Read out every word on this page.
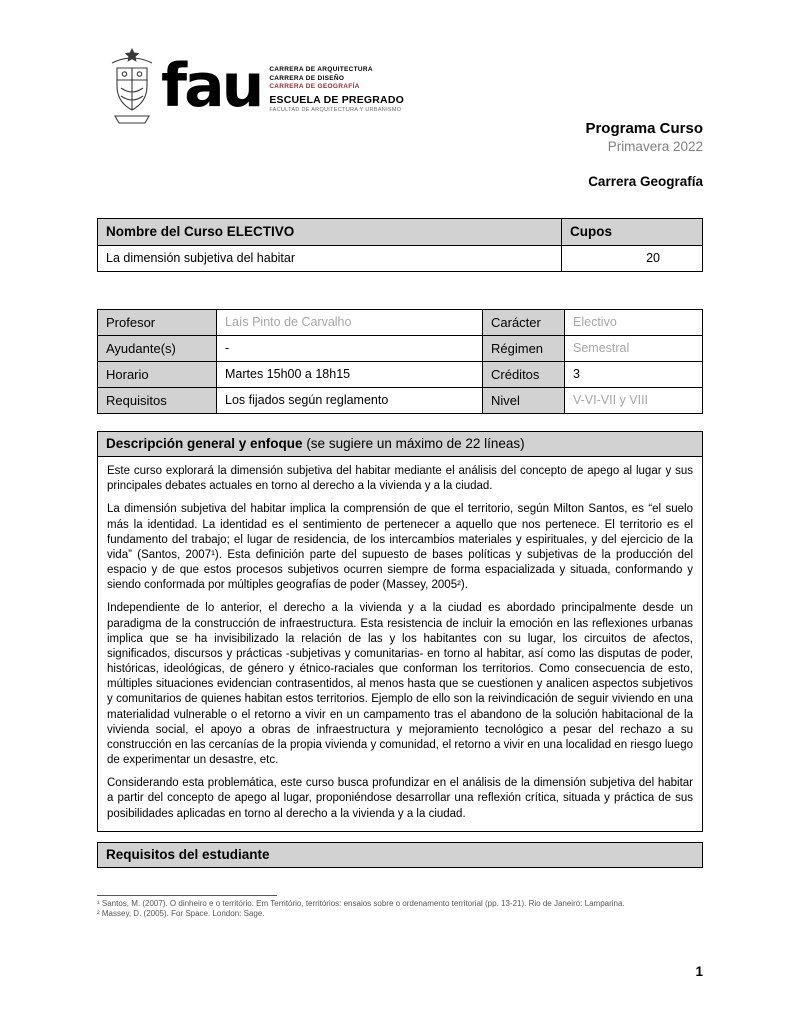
fau CARRERA DE ARQUITECTURA
CARRERA DE DISEÑO
CARRERA DE GEOGRAFÍA
ESCUELA DE PREGRADO
FACULTAD DE ARQUITECTURA Y URBANISMO
Programa Curso
Primavera 2022
Carrera Geografía
Nombre del Curso ELECTIVO	Cupos
La dimensión subjetiva del habitar	20
Profesor	Laís Pinto de Carvalho	Carácter	Electivo
Ayudante(s)	-	Régimen	Semestral
Horario	Martes 15h00 a 18h15	Créditos	3
Requisitos	Los fijados según reglamento	Nivel	V-VI-VII y VIII
Descripción general y enfoque (se sugiere un máximo de 22 líneas)

Este curso explorará la dimensión subjetiva del habitar mediante el análisis del concepto de apego al lugar y sus principales debates actuales en torno al derecho a la vivienda y a la ciudad.

La dimensión subjetiva del habitar implica la comprensión de que el territorio, según Milton Santos, es “el suelo más la identidad. La identidad es el sentimiento de pertenecer a aquello que nos pertenece. El territorio es el fundamento del trabajo; el lugar de residencia, de los intercambios materiales y espirituales, y del ejercicio de la vida” (Santos, 2007¹). Esta definición parte del supuesto de bases políticas y subjetivas de la producción del espacio y de que estos procesos subjetivos ocurren siempre de forma espacializada y situada, conformando y siendo conformada por múltiples geografías de poder (Massey, 2005²).

Independiente de lo anterior, el derecho a la vivienda y a la ciudad es abordado principalmente desde un paradigma de la construcción de infraestructura. Esta resistencia de incluir la emoción en las reflexiones urbanas implica que se ha invisibilizado la relación de las y los habitantes con su lugar, los circuitos de afectos, significados, discursos y prácticas -subjetivas y comunitarias- en torno al habitar, así como las disputas de poder, históricas, ideológicas, de género y étnico-raciales que conforman los territorios. Como consecuencia de esto, múltiples situaciones evidencian contrasentidos, al menos hasta que se cuestionen y analicen aspectos subjetivos y comunitarios de quienes habitan estos territorios. Ejemplo de ello son la reivindicación de seguir viviendo en una materialidad vulnerable o el retorno a vivir en un campamento tras el abandono de la solución habitacional de la vivienda social, el apoyo a obras de infraestructura y mejoramiento tecnológico a pesar del rechazo a su construcción en las cercanías de la propia vivienda y comunidad, el retorno a vivir en una localidad en riesgo luego de experimentar un desastre, etc.

Considerando esta problemática, este curso busca profundizar en el análisis de la dimensión subjetiva del habitar a partir del concepto de apego al lugar, proponiéndose desarrollar una reflexión crítica, situada y práctica de sus posibilidades aplicadas en torno al derecho a la vivienda y a la ciudad.

Requisitos del estudiante
¹ Santos, M. (2007). O dinheiro e o território. Em Território, territórios: ensaios sobre o ordenamento territorial (pp. 13-21). Rio de Janeiro: Lamparina.
² Massey, D. (2005). For Space. London: Sage.
1
